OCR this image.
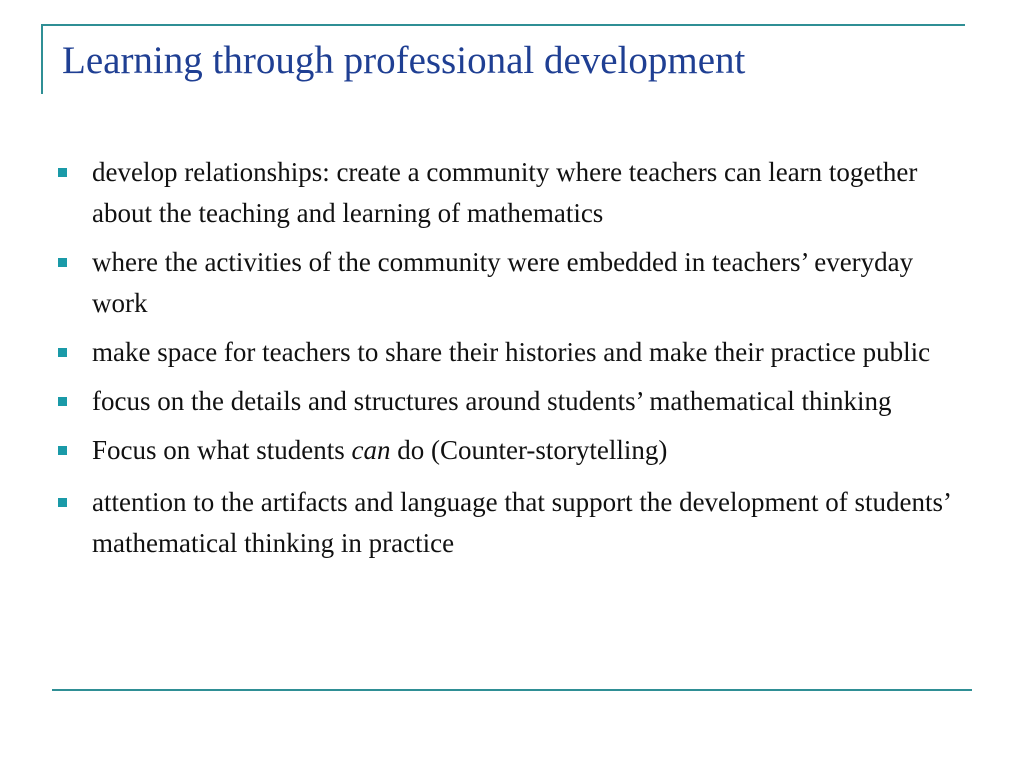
Learning through professional development
develop relationships: create a community where teachers can learn together about the teaching and learning of mathematics
where the activities of the community were embedded in teachers’ everyday work
make space for teachers to share their histories and make their practice public
focus on the details and structures around students’ mathematical thinking
Focus on what students can do (Counter-storytelling)
attention to the artifacts and language that support the development of students’ mathematical thinking in practice
